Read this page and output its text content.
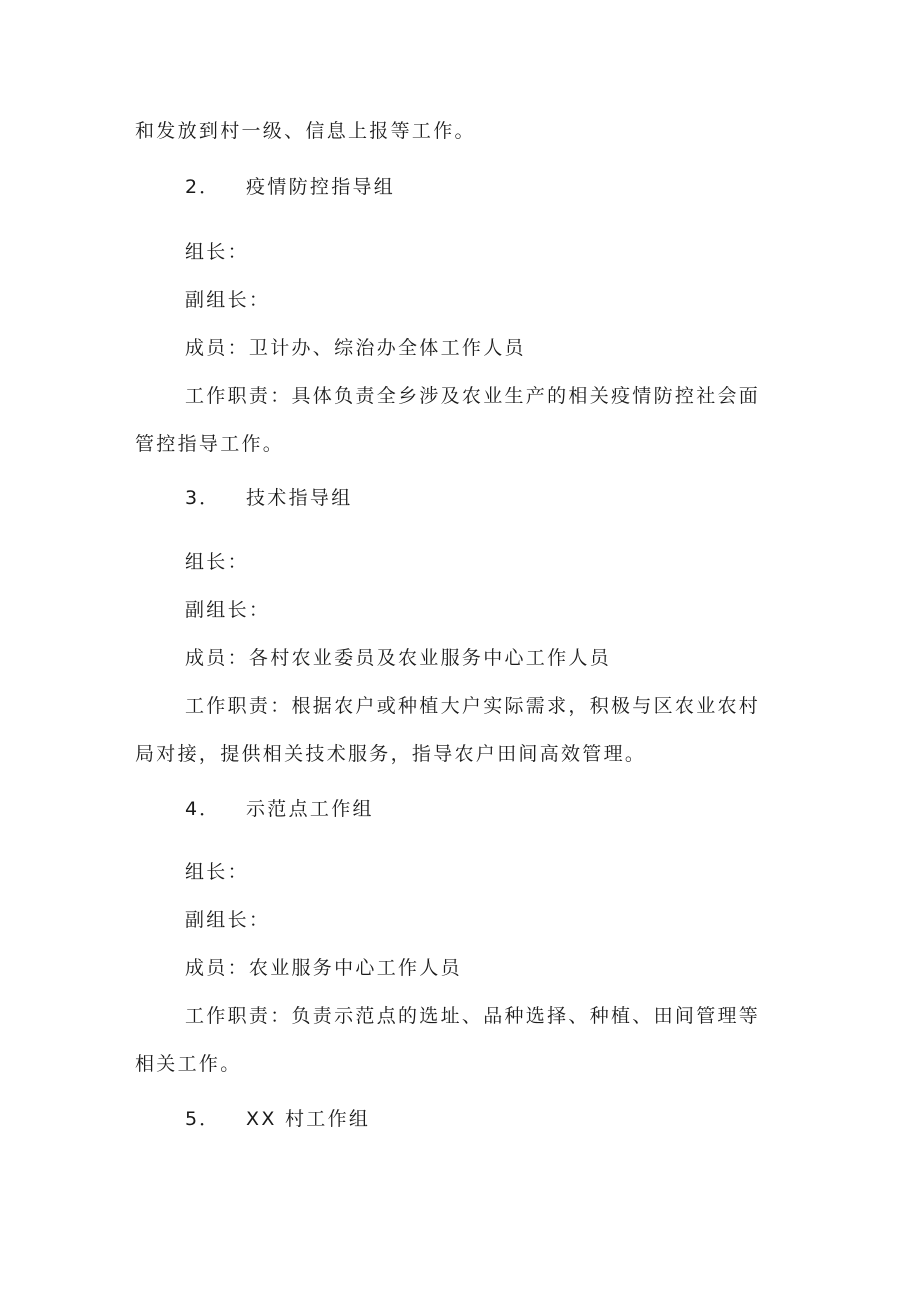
和发放到村一级、信息上报等工作。
2． 疫情防控指导组
组长：
副组长：
成员：卫计办、综治办全体工作人员
工作职责：具体负责全乡涉及农业生产的相关疫情防控社会面
管控指导工作。
3． 技术指导组
组长：
副组长：
成员：各村农业委员及农业服务中心工作人员
工作职责：根据农户或种植大户实际需求，积极与区农业农村
局对接，提供相关技术服务，指导农户田间高效管理。
4． 示范点工作组
组长：
副组长：
成员：农业服务中心工作人员
工作职责：负责示范点的选址、品种选择、种植、田间管理等
相关工作。
5． XX 村工作组
